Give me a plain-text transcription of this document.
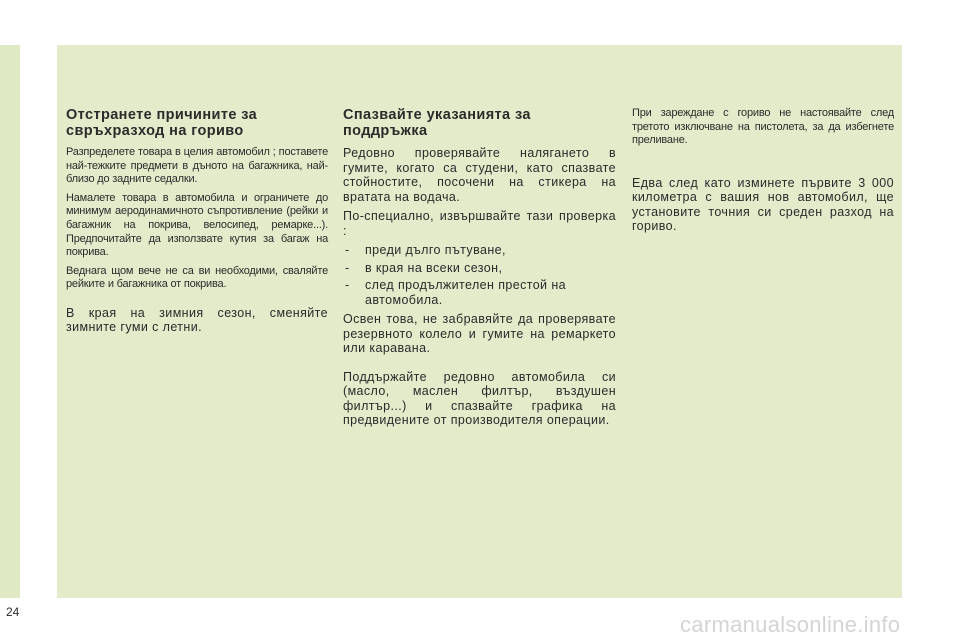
Отстранете причините за свръхразход на гориво

Разпределете товара в целия автомобил ; поставете най-тежките предмети в дъното на багажника, най-близо до задните седалки.

Намалете товара в автомобила и ограничете до минимум аеродинамичното съпротивление (рейки и багажник на покрива, велосипед, ремарке...). Предпочитайте да използвате кутия за багаж на покрива.

Веднага щом вече не са ви необходими, сваляйте рейките и багажника от покрива.

В края на зимния сезон, сменяйте зимните гуми с летни.

Спазвайте указанията за поддръжка

Редовно проверявайте налягането в гумите, когато са студени, като спазвате стойностите, посочени на стикера на вратата на водача.

По-специално, извършвайте тази проверка :

- преди дълго пътуване,
- в края на всеки сезон,
- след продължителен престой на автомобила.

Освен това, не забравяйте да проверявате резервното колело и гумите на ремаркето или каравана.

Поддържайте редовно автомобила си (масло, маслен филтър, въздушен филтър...) и спазвайте графика на предвидените от производителя операции.

При зареждане с гориво не настоявайте след третото изключване на пистолета, за да избегнете преливане.

Едва след като изминете първите 3 000 километра с вашия нов автомобил, ще установите точния си среден разход на гориво.

24	carmanualsonline.info
